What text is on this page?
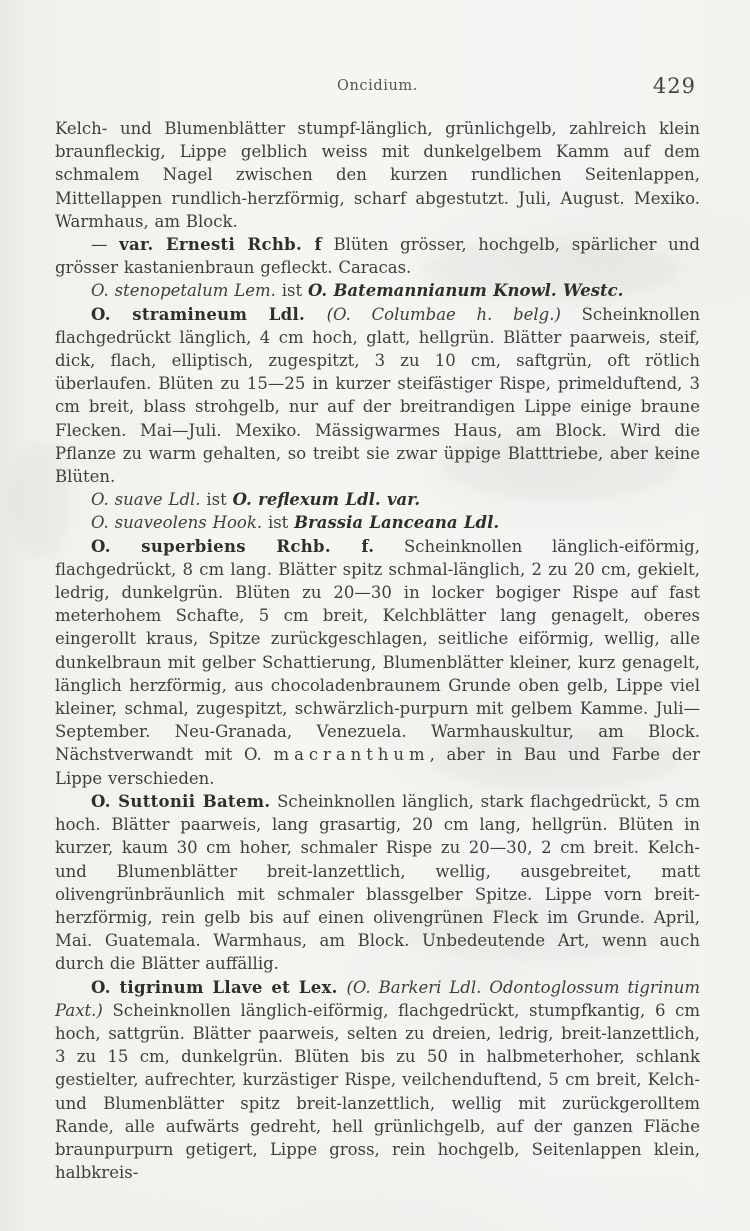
Oncidium.	429

Kelch- und Blumenblätter stumpf-länglich, grünlichgelb, zahlreich klein braunfleckig, Lippe gelblich weiss mit dunkelgelbem Kamm auf dem schmalem Nagel zwischen den kurzen rundlichen Seitenlappen, Mittellappen rundlich-herzförmig, scharf abgestutzt. Juli, August. Mexiko. Warmhaus, am Block.

— var. Ernesti Rchb. f Blüten grösser, hochgelb, spärlicher und grösser kastanienbraun gefleckt. Caracas.

O. stenopetalum Lem. ist O. Batemannianum Knowl. Westc.

O. stramineum Ldl. (O. Columbae h. belg.) Scheinknollen flachgedrückt länglich, 4 cm hoch, glatt, hellgrün. Blätter paarweis, steif, dick, flach, elliptisch, zugespitzt, 3 zu 10 cm, saftgrün, oft rötlich überlaufen. Blüten zu 15—25 in kurzer steifästiger Rispe, primelduftend, 3 cm breit, blass strohgelb, nur auf der breitrandigen Lippe einige braune Flecken. Mai—Juli. Mexiko. Mässigwarmes Haus, am Block. Wird die Pflanze zu warm gehalten, so treibt sie zwar üppige Blatttriebe, aber keine Blüten.

O. suave Ldl. ist O. reflexum Ldl. var.

O. suaveolens Hook. ist Brassia Lanceana Ldl.

O. superbiens Rchb. f. Scheinknollen länglich-eiförmig, flachgedrückt, 8 cm lang. Blätter spitz schmal-länglich, 2 zu 20 cm, gekielt, ledrig, dunkelgrün. Blüten zu 20—30 in locker bogiger Rispe auf fast meterhohem Schafte, 5 cm breit, Kelchblätter lang genagelt, oberes eingerollt kraus, Spitze zurückgeschlagen, seitliche eiförmig, wellig, alle dunkelbraun mit gelber Schattierung, Blumenblätter kleiner, kurz genagelt, länglich herzförmig, aus chocoladenbraunem Grunde oben gelb, Lippe viel kleiner, schmal, zugespitzt, schwärzlich-purpurn mit gelbem Kamme. Juli—September. Neu-Granada, Venezuela. Warmhauskultur, am Block. Nächstverwandt mit O. macranthum, aber in Bau und Farbe der Lippe verschieden.

O. Suttonii Batem. Scheinknollen länglich, stark flachgedrückt, 5 cm hoch. Blätter paarweis, lang grasartig, 20 cm lang, hellgrün. Blüten in kurzer, kaum 30 cm hoher, schmaler Rispe zu 20—30, 2 cm breit. Kelch- und Blumenblätter breit-lanzettlich, wellig, ausgebreitet, matt olivengrünbräunlich mit schmaler blassgelber Spitze. Lippe vorn breit-herzförmig, rein gelb bis auf einen olivengrünen Fleck im Grunde. April, Mai. Guatemala. Warmhaus, am Block. Unbedeutende Art, wenn auch durch die Blätter auffällig.

O. tigrinum Llave et Lex. (O. Barkeri Ldl. Odontoglossum tigrinum Paxt.) Scheinknollen länglich-eiförmig, flachgedrückt, stumpfkantig, 6 cm hoch, sattgrün. Blätter paarweis, selten zu dreien, ledrig, breit-lanzettlich, 3 zu 15 cm, dunkelgrün. Blüten bis zu 50 in halbmeterhoher, schlank gestielter, aufrechter, kurzästiger Rispe, veilchenduftend, 5 cm breit, Kelch- und Blumenblätter spitz breit-lanzettlich, wellig mit zurückgerolltem Rande, alle aufwärts gedreht, hell grünlichgelb, auf der ganzen Fläche braunpurpurn getigert, Lippe gross, rein hochgelb, Seitenlappen klein, halbkreis-
